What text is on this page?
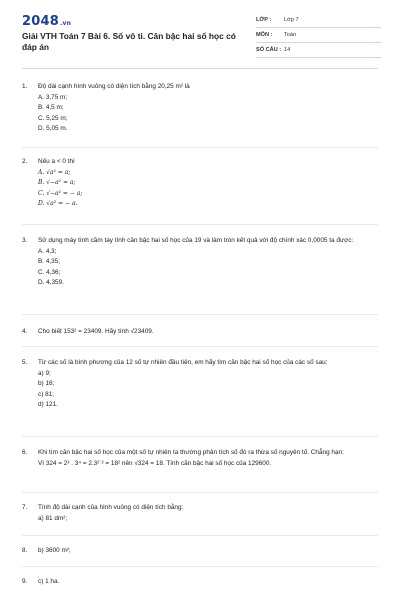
2048.vn
Giải VTH Toán 7 Bài 6. Số vô tỉ. Căn bậc hai số học có đáp án
LỚP : Lớp 7
MÔN : Toán
SỐ CÂU : 14
1.	Độ dài cạnh hình vuông có diện tích bằng 20,25 m² là
A. 3,75 m;
B. 4,5 m;
C. 5,25 m;
D. 5,05 m.
2.	Nếu a < 0 thì
A. √a² = a;
B. √−a² = a;
C. √−a² = − a;
D. √a² = − a.
3.	Sử dụng máy tính cầm tay tính căn bậc hai số học của 19 và làm tròn kết quả với độ chính xác 0,0005 ta được:
A. 4,3;
B. 4,35;
C. 4,36;
D. 4,359.
4.	Cho biết 153² = 23409. Hãy tính √23409.
5.	Từ các số là bình phương của 12 số tự nhiên đầu tiên, em hãy tìm căn bậc hai số học của các số sau:
a) 9;
b) 16;
c) 81;
d) 121.
6.	Khi tìm căn bậc hai số học của một số tự nhiên ta thường phân tích số đó ra thừa số nguyên tố. Chẳng hạn:
Vì 324 = 2² . 3⁴ = 2.3²˙² = 18² nên √324 = 18. Tính căn bậc hai số học của 129600.
7.	Tính độ dài cạnh của hình vuông có diện tích bằng:
a) 81 dm²;
8.	b) 3600 m²;
9.	c) 1 ha.
